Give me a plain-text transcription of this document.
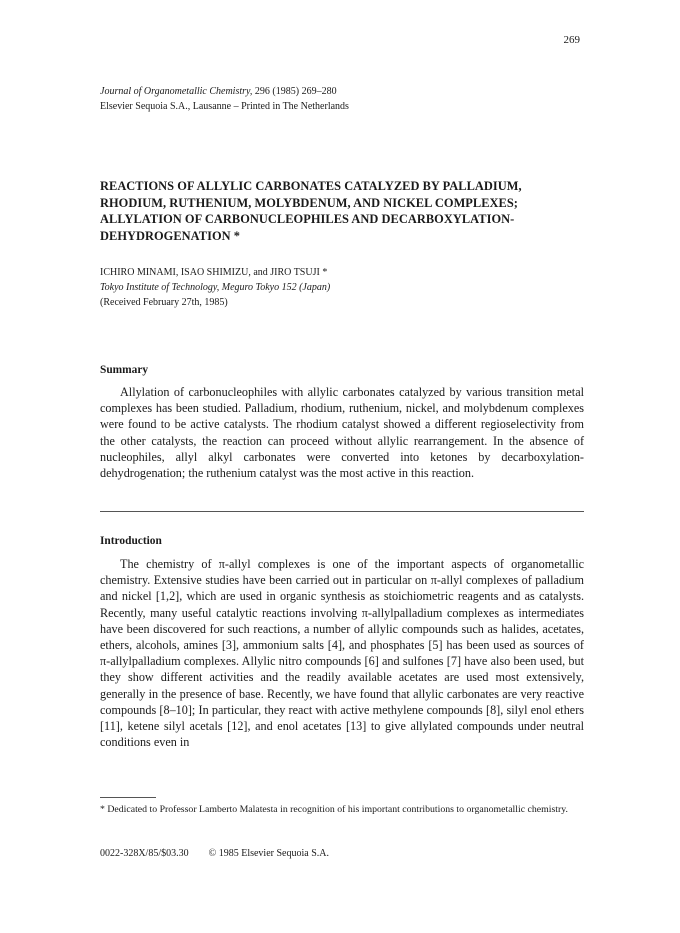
269
Journal of Organometallic Chemistry, 296 (1985) 269–280
Elsevier Sequoia S.A., Lausanne – Printed in The Netherlands
REACTIONS OF ALLYLIC CARBONATES CATALYZED BY PALLADIUM,
RHODIUM, RUTHENIUM, MOLYBDENUM, AND NICKEL COMPLEXES;
ALLYLATION OF CARBONUCLEOPHILES AND DECARBOXYLATION-
DEHYDROGENATION *
ICHIRO MINAMI, ISAO SHIMIZU, and JIRO TSUJI *
Tokyo Institute of Technology, Meguro Tokyo 152 (Japan)
(Received February 27th, 1985)
Summary

Allylation of carbonucleophiles with allylic carbonates catalyzed by various transition metal complexes has been studied. Palladium, rhodium, ruthenium, nickel, and molybdenum complexes were found to be active catalysts. The rhodium catalyst showed a different regioselectivity from the other catalysts, the reaction can proceed without allylic rearrangement. In the absence of nucleophiles, allyl alkyl carbonates were converted into ketones by decarboxylation-dehydrogenation; the ruthenium catalyst was the most active in this reaction.

Introduction

The chemistry of π-allyl complexes is one of the important aspects of organometallic chemistry. Extensive studies have been carried out in particular on π-allyl complexes of palladium and nickel [1,2], which are used in organic synthesis as stoichiometric reagents and as catalysts. Recently, many useful catalytic reactions involving π-allylpalladium complexes as intermediates have been discovered for such reactions, a number of allylic compounds such as halides, acetates, ethers, alcohols, amines [3], ammonium salts [4], and phosphates [5] has been used as sources of π-allylpalladium complexes. Allylic nitro compounds [6] and sulfones [7] have also been used, but they show different activities and the readily available acetates are used most extensively, generally in the presence of base. Recently, we have found that allylic carbonates are very reactive compounds [8–10]; In particular, they react with active methylene compounds [8], silyl enol ethers [11], ketene silyl acetals [12], and enol acetates [13] to give allylated compounds under neutral conditions even in

* Dedicated to Professor Lamberto Malatesta in recognition of his important contributions to organometallic chemistry.

0022-328X/85/$03.30 © 1985 Elsevier Sequoia S.A.
